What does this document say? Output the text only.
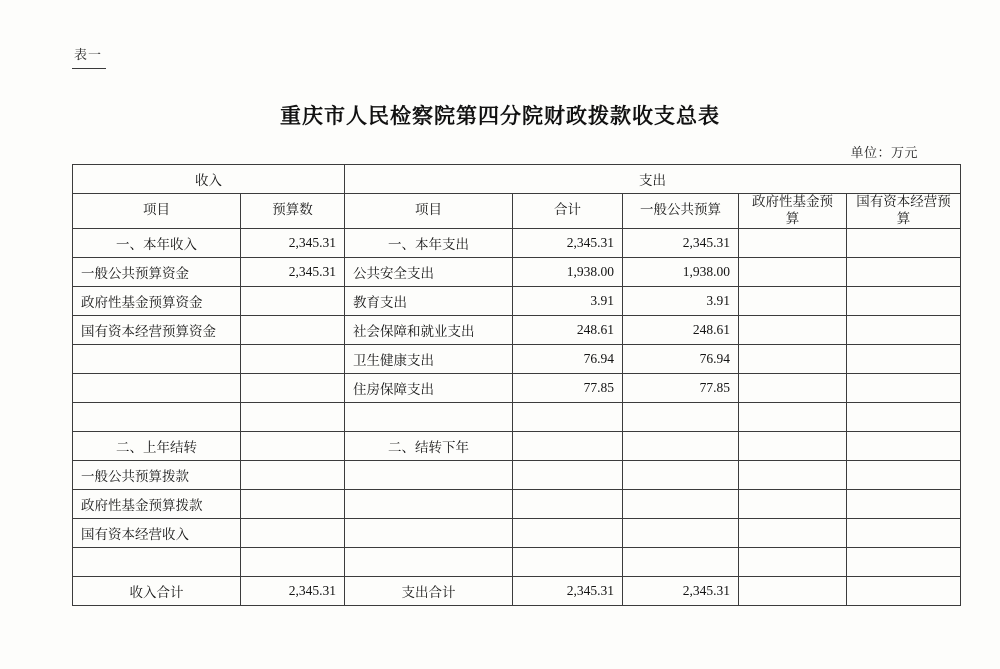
表一
重庆市人民检察院第四分院财政拨款收支总表
单位：万元
收入		支出				
项目	预算数	项目	合计	一般公共预算	政府性基金预算	国有资本经营预算
一、本年收入	2,345.31	一、本年支出	2,345.31	2,345.31		
一般公共预算资金	2,345.31	公共安全支出	1,938.00	1,938.00		
政府性基金预算资金		教育支出	3.91	3.91		
国有资本经营预算资金		社会保障和就业支出	248.61	248.61		
		卫生健康支出	76.94	76.94		
		住房保障支出	77.85	77.85		

二、上年结转		二、结转下年				
一般公共预算拨款						
政府性基金预算拨款						
国有资本经营收入						

收入合计	2,345.31	支出合计	2,345.31	2,345.31		
